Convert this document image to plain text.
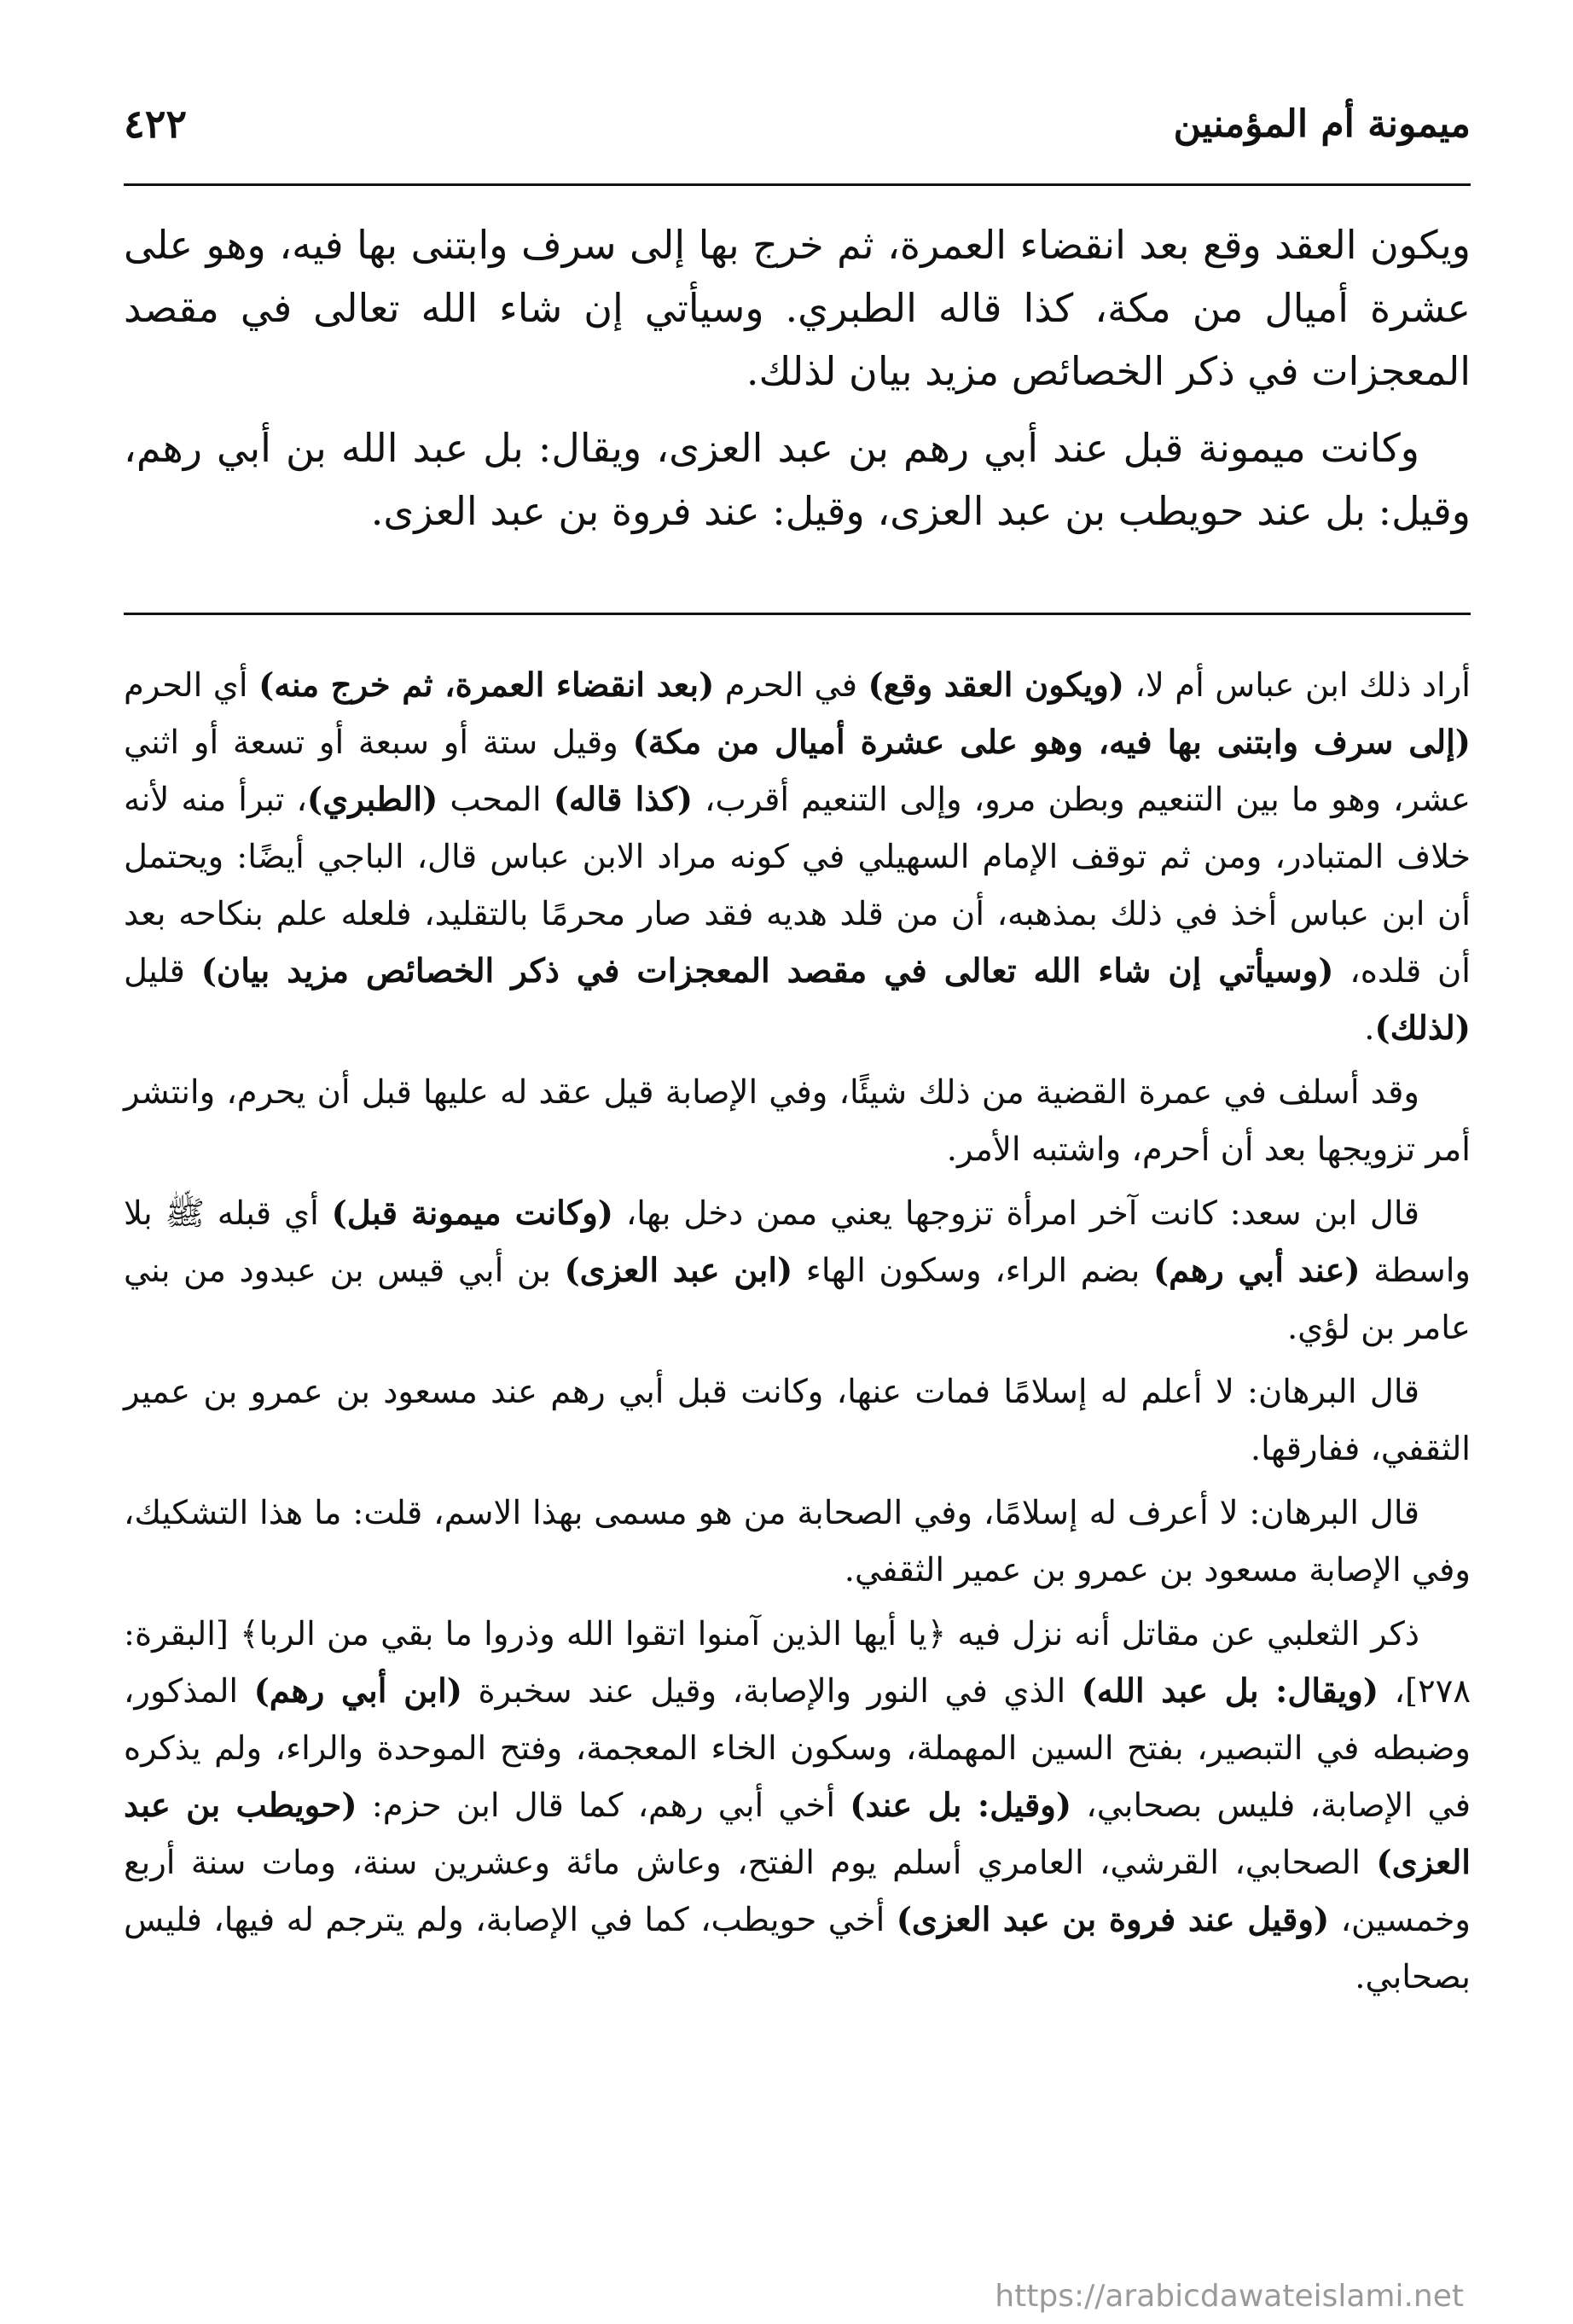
٤٢٢	ميمونة أم المؤمنين

ويكون العقد وقع بعد انقضاء العمرة، ثم خرج بها إلى سرف وابتنى بها فيه، وهو على عشرة أميال من مكة، كذا قاله الطبري. وسيأتي إن شاء الله تعالى في مقصد المعجزات في ذكر الخصائص مزيد بيان لذلك.

وكانت ميمونة قبل عند أبي رهم بن عبد العزى، ويقال: بل عبد الله بن أبي رهم، وقيل: بل عند حويطب بن عبد العزى، وقيل: عند فروة بن عبد العزى.

أراد ذلك ابن عباس أم لا، (ويكون العقد وقع) في الحرم (بعد انقضاء العمرة، ثم خرج منه) أي الحرم (إلى سرف وابتنى بها فيه، وهو على عشرة أميال من مكة) وقيل ستة أو سبعة أو تسعة أو اثني عشر، وهو ما بين التنعيم وبطن مرو، وإلى التنعيم أقرب، (كذا قاله) المحب (الطبري)، تبرأ منه لأنه خلاف المتبادر، ومن ثم توقف الإمام السهيلي في كونه مراد الابن عباس قال، الباجي أيضًا: ويحتمل أن ابن عباس أخذ في ذلك بمذهبه، أن من قلد هديه فقد صار محرمًا بالتقليد، فلعله علم بنكاحه بعد أن قلده، (وسيأتي إن شاء الله تعالى في مقصد المعجزات في ذكر الخصائص مزيد بيان) قليل (لذلك).

وقد أسلف في عمرة القضية من ذلك شيئًا، وفي الإصابة قيل عقد له عليها قبل أن يحرم، وانتشر أمر تزويجها بعد أن أحرم، واشتبه الأمر.

قال ابن سعد: كانت آخر امرأة تزوجها يعني ممن دخل بها، (وكانت ميمونة قبل) أي قبله ﷺ بلا واسطة (عند أبي رهم) بضم الراء، وسكون الهاء (ابن عبد العزى) بن أبي قيس بن عبدود من بني عامر بن لؤي.

قال البرهان: لا أعلم له إسلامًا فمات عنها، وكانت قبل أبي رهم عند مسعود بن عمرو بن عمير الثقفي، ففارقها.

قال البرهان: لا أعرف له إسلامًا، وفي الصحابة من هو مسمى بهذا الاسم، قلت: ما هذا التشكيك، وفي الإصابة مسعود بن عمرو بن عمير الثقفي.

ذكر الثعلبي عن مقاتل أنه نزل فيه ﴿يا أيها الذين آمنوا اتقوا الله وذروا ما بقي من الربا﴾ [البقرة: ٢٧٨]، (ويقال: بل عبد الله) الذي في النور والإصابة، وقيل عند سخبرة (ابن أبي رهم) المذكور، وضبطه في التبصير، بفتح السين المهملة، وسكون الخاء المعجمة، وفتح الموحدة والراء، ولم يذكره في الإصابة، فليس بصحابي، (وقيل: بل عند) أخي أبي رهم، كما قال ابن حزم: (حويطب بن عبد العزى) الصحابي، القرشي، العامري أسلم يوم الفتح، وعاش مائة وعشرين سنة، ومات سنة أربع وخمسين، (وقيل عند فروة بن عبد العزى) أخي حويطب، كما في الإصابة، ولم يترجم له فيها، فليس بصحابي.

https://arabicdawateislami.net
